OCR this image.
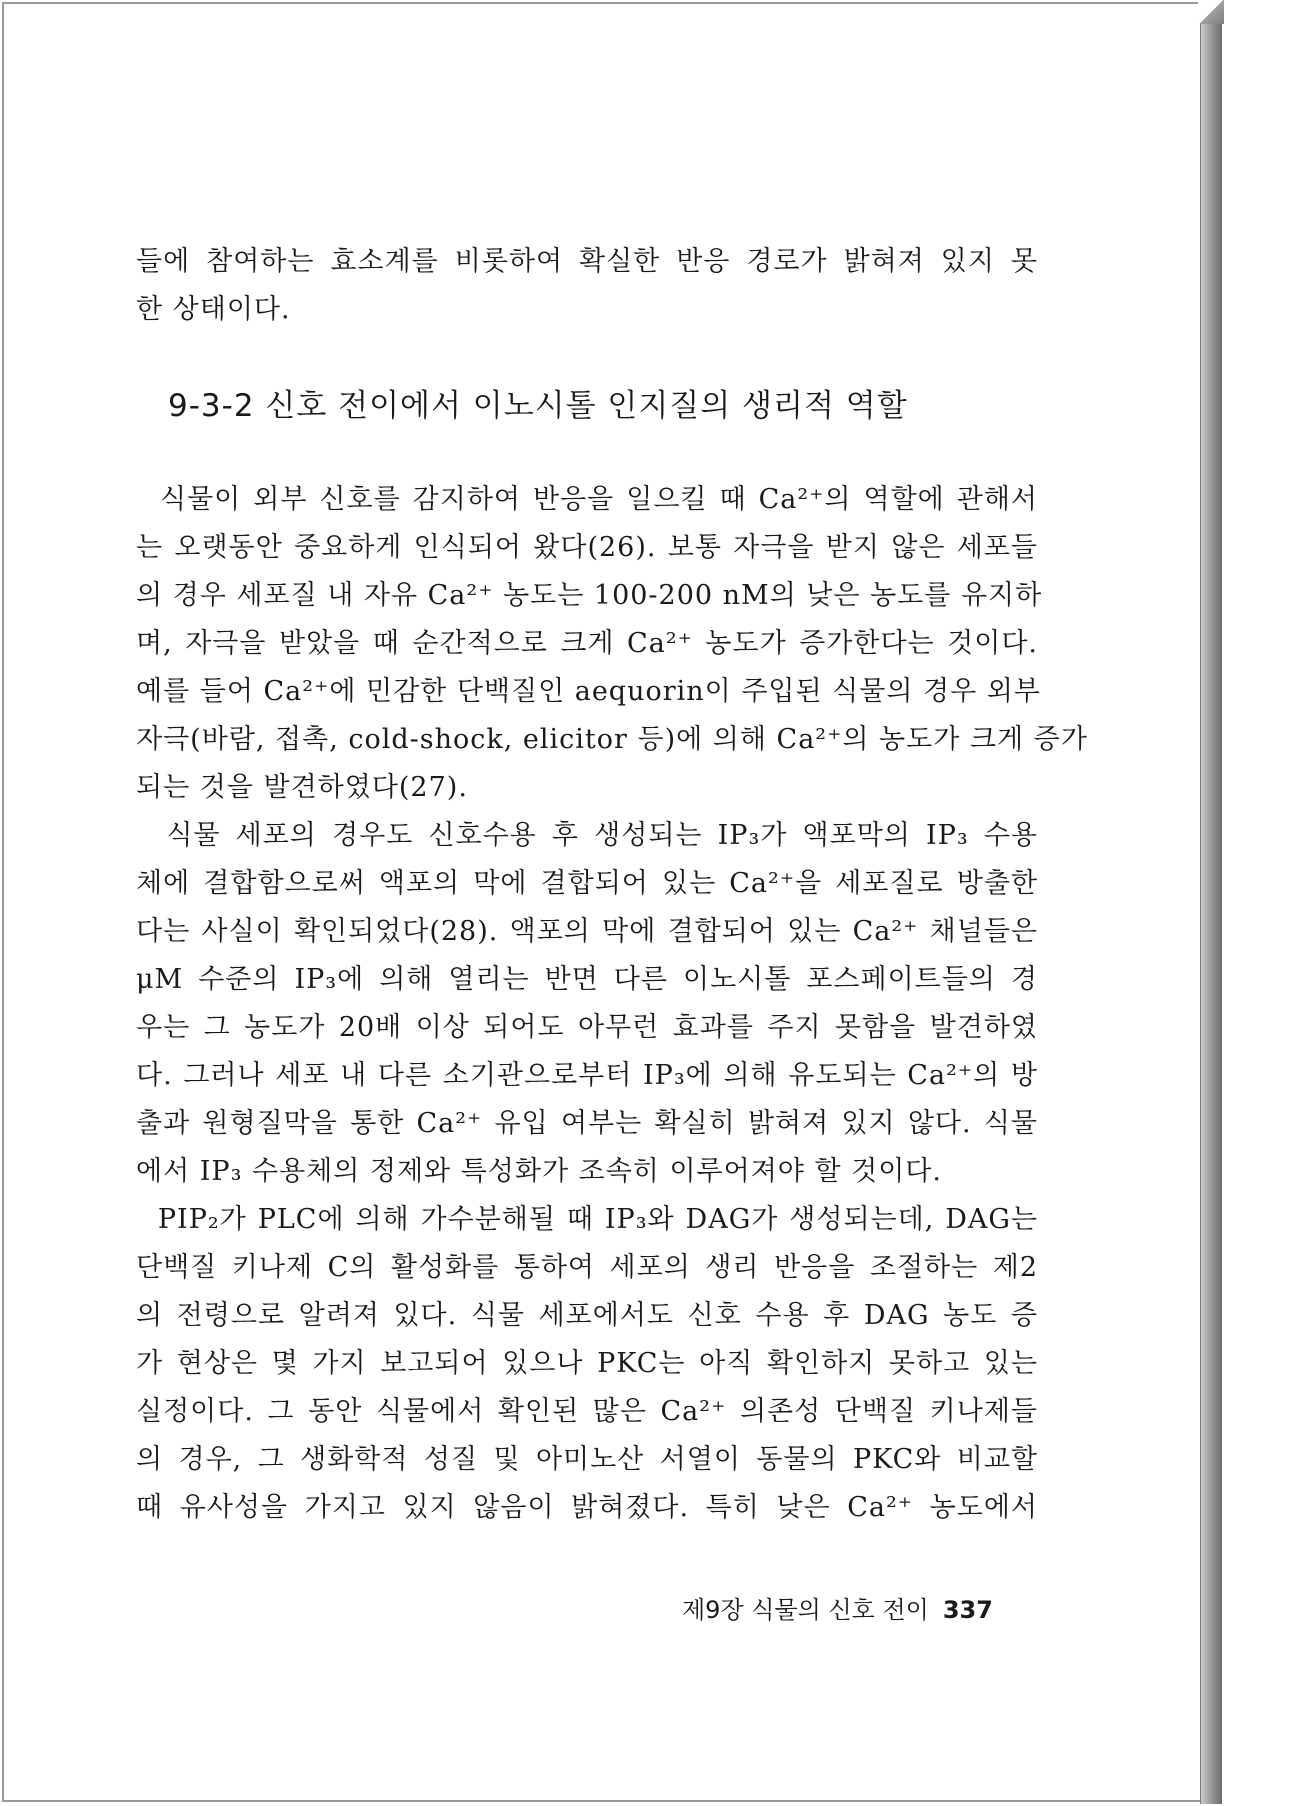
들에 참여하는 효소계를 비롯하여 확실한 반응 경로가 밝혀져 있지 못
한 상태이다.
9-3-2 신호 전이에서 이노시톨 인지질의 생리적 역할
식물이 외부 신호를 감지하여 반응을 일으킬 때 Ca²⁺의 역할에 관해서
는 오랫동안 중요하게 인식되어 왔다(26). 보통 자극을 받지 않은 세포들
의 경우 세포질 내 자유 Ca²⁺ 농도는 100-200 nM의 낮은 농도를 유지하
며, 자극을 받았을 때 순간적으로 크게 Ca²⁺ 농도가 증가한다는 것이다.
예를 들어 Ca²⁺에 민감한 단백질인 aequorin이 주입된 식물의 경우 외부
자극(바람, 접촉, cold-shock, elicitor 등)에 의해 Ca²⁺의 농도가 크게 증가
되는 것을 발견하였다(27).
식물 세포의 경우도 신호수용 후 생성되는 IP₃가 액포막의 IP₃ 수용
체에 결합함으로써 액포의 막에 결합되어 있는 Ca²⁺을 세포질로 방출한
다는 사실이 확인되었다(28). 액포의 막에 결합되어 있는 Ca²⁺ 채널들은
μM 수준의 IP₃에 의해 열리는 반면 다른 이노시톨 포스페이트들의 경
우는 그 농도가 20배 이상 되어도 아무런 효과를 주지 못함을 발견하였
다. 그러나 세포 내 다른 소기관으로부터 IP₃에 의해 유도되는 Ca²⁺의 방
출과 원형질막을 통한 Ca²⁺ 유입 여부는 확실히 밝혀져 있지 않다. 식물
에서 IP₃ 수용체의 정제와 특성화가 조속히 이루어져야 할 것이다.
PIP₂가 PLC에 의해 가수분해될 때 IP₃와 DAG가 생성되는데, DAG는
단백질 키나제 C의 활성화를 통하여 세포의 생리 반응을 조절하는 제2
의 전령으로 알려져 있다. 식물 세포에서도 신호 수용 후 DAG 농도 증
가 현상은 몇 가지 보고되어 있으나 PKC는 아직 확인하지 못하고 있는
실정이다. 그 동안 식물에서 확인된 많은 Ca²⁺ 의존성 단백질 키나제들
의 경우, 그 생화학적 성질 및 아미노산 서열이 동물의 PKC와 비교할
때 유사성을 가지고 있지 않음이 밝혀졌다. 특히 낮은 Ca²⁺ 농도에서
제9장 식물의 신호 전이 337
